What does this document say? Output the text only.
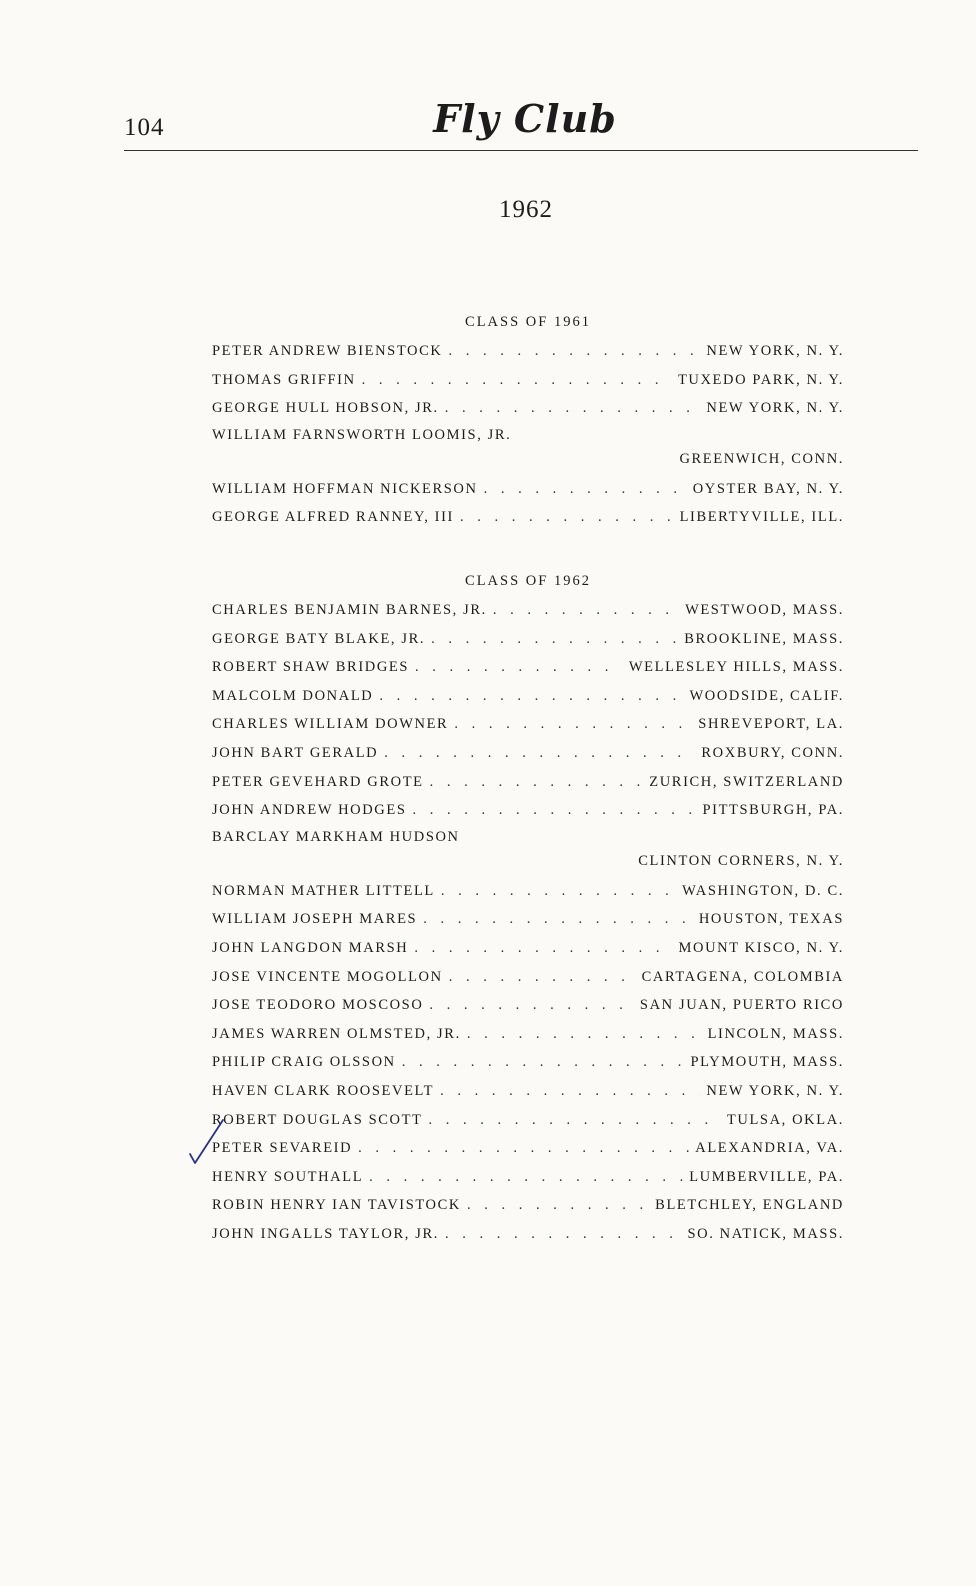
104	Fly Club
1962
CLASS OF 1961
PETER ANDREW BIENSTOCK . . .	NEW YORK, N. Y.
THOMAS GRIFFIN . . .	TUXEDO PARK, N. Y.
GEORGE HULL HOBSON, JR. . . .	NEW YORK, N. Y.
WILLIAM FARNSWORTH LOOMIS, JR.
GREENWICH, CONN.
WILLIAM HOFFMAN NICKERSON . . .	OYSTER BAY, N. Y.
GEORGE ALFRED RANNEY, III . . .	LIBERTYVILLE, ILL.
CLASS OF 1962
CHARLES BENJAMIN BARNES, JR. . . .	WESTWOOD, MASS.
GEORGE BATY BLAKE, JR. . . .	BROOKLINE, MASS.
ROBERT SHAW BRIDGES . . .	WELLESLEY HILLS, MASS.
MALCOLM DONALD . . .	WOODSIDE, CALIF.
CHARLES WILLIAM DOWNER . . .	SHREVEPORT, LA.
JOHN BART GERALD . . .	ROXBURY, CONN.
PETER GEVEHARD GROTE . . .	ZURICH, SWITZERLAND
JOHN ANDREW HODGES . . .	PITTSBURGH, PA.
BARCLAY MARKHAM HUDSON
CLINTON CORNERS, N. Y.
NORMAN MATHER LITTELL . . .	WASHINGTON, D. C.
WILLIAM JOSEPH MARES . . .	HOUSTON, TEXAS
JOHN LANGDON MARSH . . .	MOUNT KISCO, N. Y.
JOSE VINCENTE MOGOLLON . . .	CARTAGENA, COLOMBIA
JOSE TEODORO MOSCOSO . . .	SAN JUAN, PUERTO RICO
JAMES WARREN OLMSTED, JR. . . .	LINCOLN, MASS.
PHILIP CRAIG OLSSON . . .	PLYMOUTH, MASS.
HAVEN CLARK ROOSEVELT . . .	NEW YORK, N. Y.
ROBERT DOUGLAS SCOTT . . .	TULSA, OKLA.
PETER SEVAREID . . .	ALEXANDRIA, VA.
HENRY SOUTHALL . . .	LUMBERVILLE, PA.
ROBIN HENRY IAN TAVISTOCK . . .	BLETCHLEY, ENGLAND
JOHN INGALLS TAYLOR, JR. . . .	SO. NATICK, MASS.
